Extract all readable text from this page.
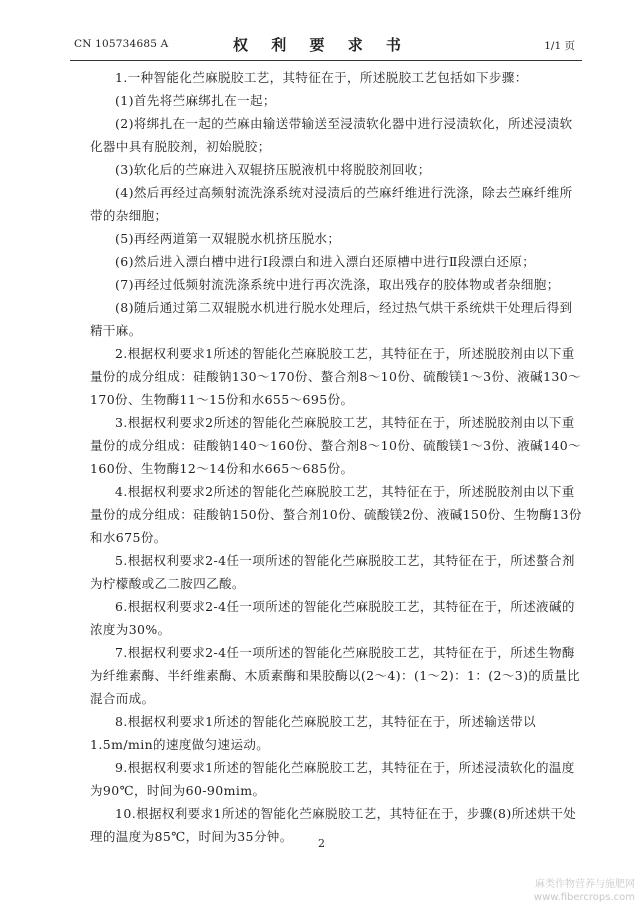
CN 105734685 A	权 利 要 求 书	1/1 页

1.一种智能化苎麻脱胶工艺，其特征在于，所述脱胶工艺包括如下步骤：

(1)首先将苎麻绑扎在一起；

(2)将绑扎在一起的苎麻由输送带输送至浸渍软化器中进行浸渍软化，所述浸渍软化器中具有脱胶剂，初始脱胶；

(3)软化后的苎麻进入双辊挤压脱液机中将脱胶剂回收；

(4)然后再经过高频射流洗涤系统对浸渍后的苎麻纤维进行洗涤，除去苎麻纤维所带的杂细胞；

(5)再经两道第一双辊脱水机挤压脱水；

(6)然后进入漂白槽中进行Ⅰ段漂白和进入漂白还原槽中进行Ⅱ段漂白还原；

(7)再经过低频射流洗涤系统中进行再次洗涤，取出残存的胶体物或者杂细胞；

(8)随后通过第二双辊脱水机进行脱水处理后，经过热气烘干系统烘干处理后得到精干麻。

2.根据权利要求1所述的智能化苎麻脱胶工艺，其特征在于，所述脱胶剂由以下重量份的成分组成：硅酸钠130～170份、螯合剂8～10份、硫酸镁1～3份、液碱130～170份、生物酶11～15份和水655～695份。

3.根据权利要求2所述的智能化苎麻脱胶工艺，其特征在于，所述脱胶剂由以下重量份的成分组成：硅酸钠140～160份、螯合剂8～10份、硫酸镁1～3份、液碱140～160份、生物酶12～14份和水665～685份。

4.根据权利要求2所述的智能化苎麻脱胶工艺，其特征在于，所述脱胶剂由以下重量份的成分组成：硅酸钠150份、螯合剂10份、硫酸镁2份、液碱150份、生物酶13份和水675份。

5.根据权利要求2-4任一项所述的智能化苎麻脱胶工艺，其特征在于，所述螯合剂为柠檬酸或乙二胺四乙酸。

6.根据权利要求2-4任一项所述的智能化苎麻脱胶工艺，其特征在于，所述液碱的浓度为30%。

7.根据权利要求2-4任一项所述的智能化苎麻脱胶工艺，其特征在于，所述生物酶为纤维素酶、半纤维素酶、木质素酶和果胶酶以(2～4)：(1～2)：1：(2～3)的质量比混合而成。

8.根据权利要求1所述的智能化苎麻脱胶工艺，其特征在于，所述输送带以1.5m/min的速度做匀速运动。

9.根据权利要求1所述的智能化苎麻脱胶工艺，其特征在于，所述浸渍软化的温度为90℃，时间为60-90mim。

10.根据权利要求1所述的智能化苎麻脱胶工艺，其特征在于，步骤(8)所述烘干处理的温度为85℃，时间为35分钟。	2
麻类作物营养与施肥网
www.fibercrops.com
